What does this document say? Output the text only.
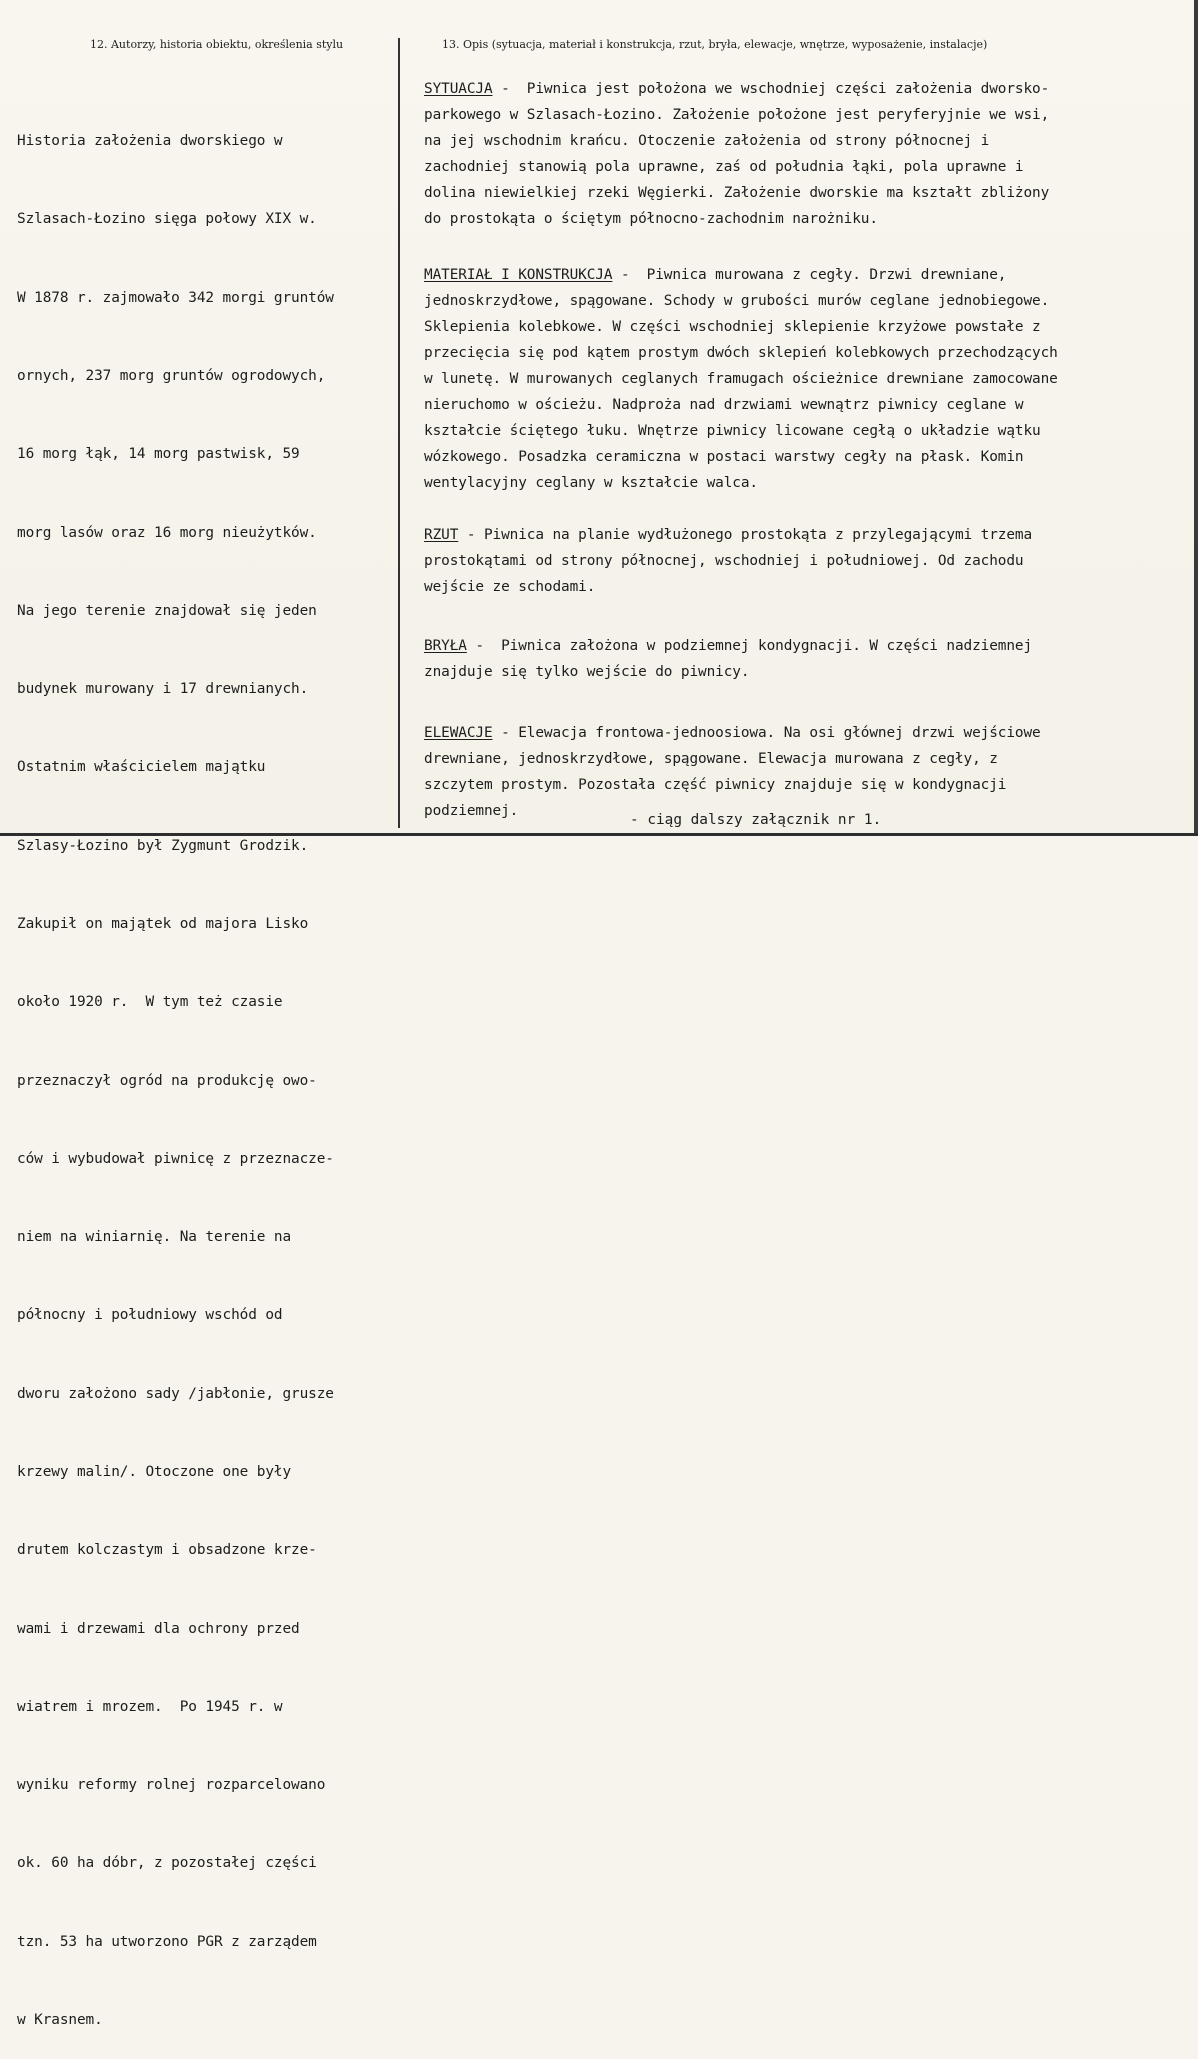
12. Autorzy, historia obiektu, określenia stylu	13. Opis (sytuacja, materiał i konstrukcja, rzut, bryła, elewacje, wnętrze, wyposażenie, instalacje)

Historia założenia dworskiego w

Szlasach-Łozino sięga połowy XIX w.

W 1878 r. zajmowało 342 morgi gruntów

ornych, 237 morg gruntów ogrodowych,

16 morg łąk, 14 morg pastwisk, 59

morg lasów oraz 16 morg nieużytków.

Na jego terenie znajdował się jeden

budynek murowany i 17 drewnianych.

Ostatnim właścicielem majątku

Szlasy-Łozino był Zygmunt Grodzik.

Zakupił on majątek od majora Lisko

około 1920 r.  W tym też czasie

przeznaczył ogród na produkcję owo-

ców i wybudował piwnicę z przeznacze-

niem na winiarnię. Na terenie na

północny i południowy wschód od

dworu założono sady /jabłonie, grusze

krzewy malin/. Otoczone one były

drutem kolczastym i obsadzone krze-

wami i drzewami dla ochrony przed

wiatrem i mrozem.  Po 1945 r. w

wyniku reformy rolnej rozparcelowano

ok. 60 ha dóbr, z pozostałej części

tzn. 53 ha utworzono PGR z zarządem

w Krasnem.

SYTUACJA -  Piwnica jest położona we wschodniej części założenia dworsko-
parkowego w Szlasach-Łozino. Założenie położone jest peryferyjnie we wsi,
na jej wschodnim krańcu. Otoczenie założenia od strony północnej i
zachodniej stanowią pola uprawne, zaś od południa łąki, pola uprawne i
dolina niewielkiej rzeki Węgierki. Założenie dworskie ma kształt zbliżony
do prostokąta o ściętym północno-zachodnim narożniku.
MATERIAŁ I KONSTRUKCJA -  Piwnica murowana z cegły. Drzwi drewniane,
jednoskrzydłowe, spągowane. Schody w grubości murów ceglane jednobiegowe.
Sklepienia kolebkowe. W części wschodniej sklepienie krzyżowe powstałe z
przecięcia się pod kątem prostym dwóch sklepień kolebkowych przechodzących
w lunetę. W murowanych ceglanych framugach ościeżnice drewniane zamocowane
nieruchomo w ościeżu. Nadproża nad drzwiami wewnątrz piwnicy ceglane w
kształcie ściętego łuku. Wnętrze piwnicy licowane cegłą o układzie wątku
wózkowego. Posadzka ceramiczna w postaci warstwy cegły na płask. Komin
wentylacyjny ceglany w kształcie walca.
RZUT - Piwnica na planie wydłużonego prostokąta z przylegającymi trzema
prostokątami od strony północnej, wschodniej i południowej. Od zachodu
wejście ze schodami.
BRYŁA -  Piwnica założona w podziemnej kondygnacji. W części nadziemnej
znajduje się tylko wejście do piwnicy.
ELEWACJE - Elewacja frontowa-jednoosiowa. Na osi głównej drzwi wejściowe
drewniane, jednoskrzydłowe, spągowane. Elewacja murowana z cegły, z
szczytem prostym. Pozostała część piwnicy znajduje się w kondygnacji
podziemnej.
- ciąg dalszy załącznik nr 1.
